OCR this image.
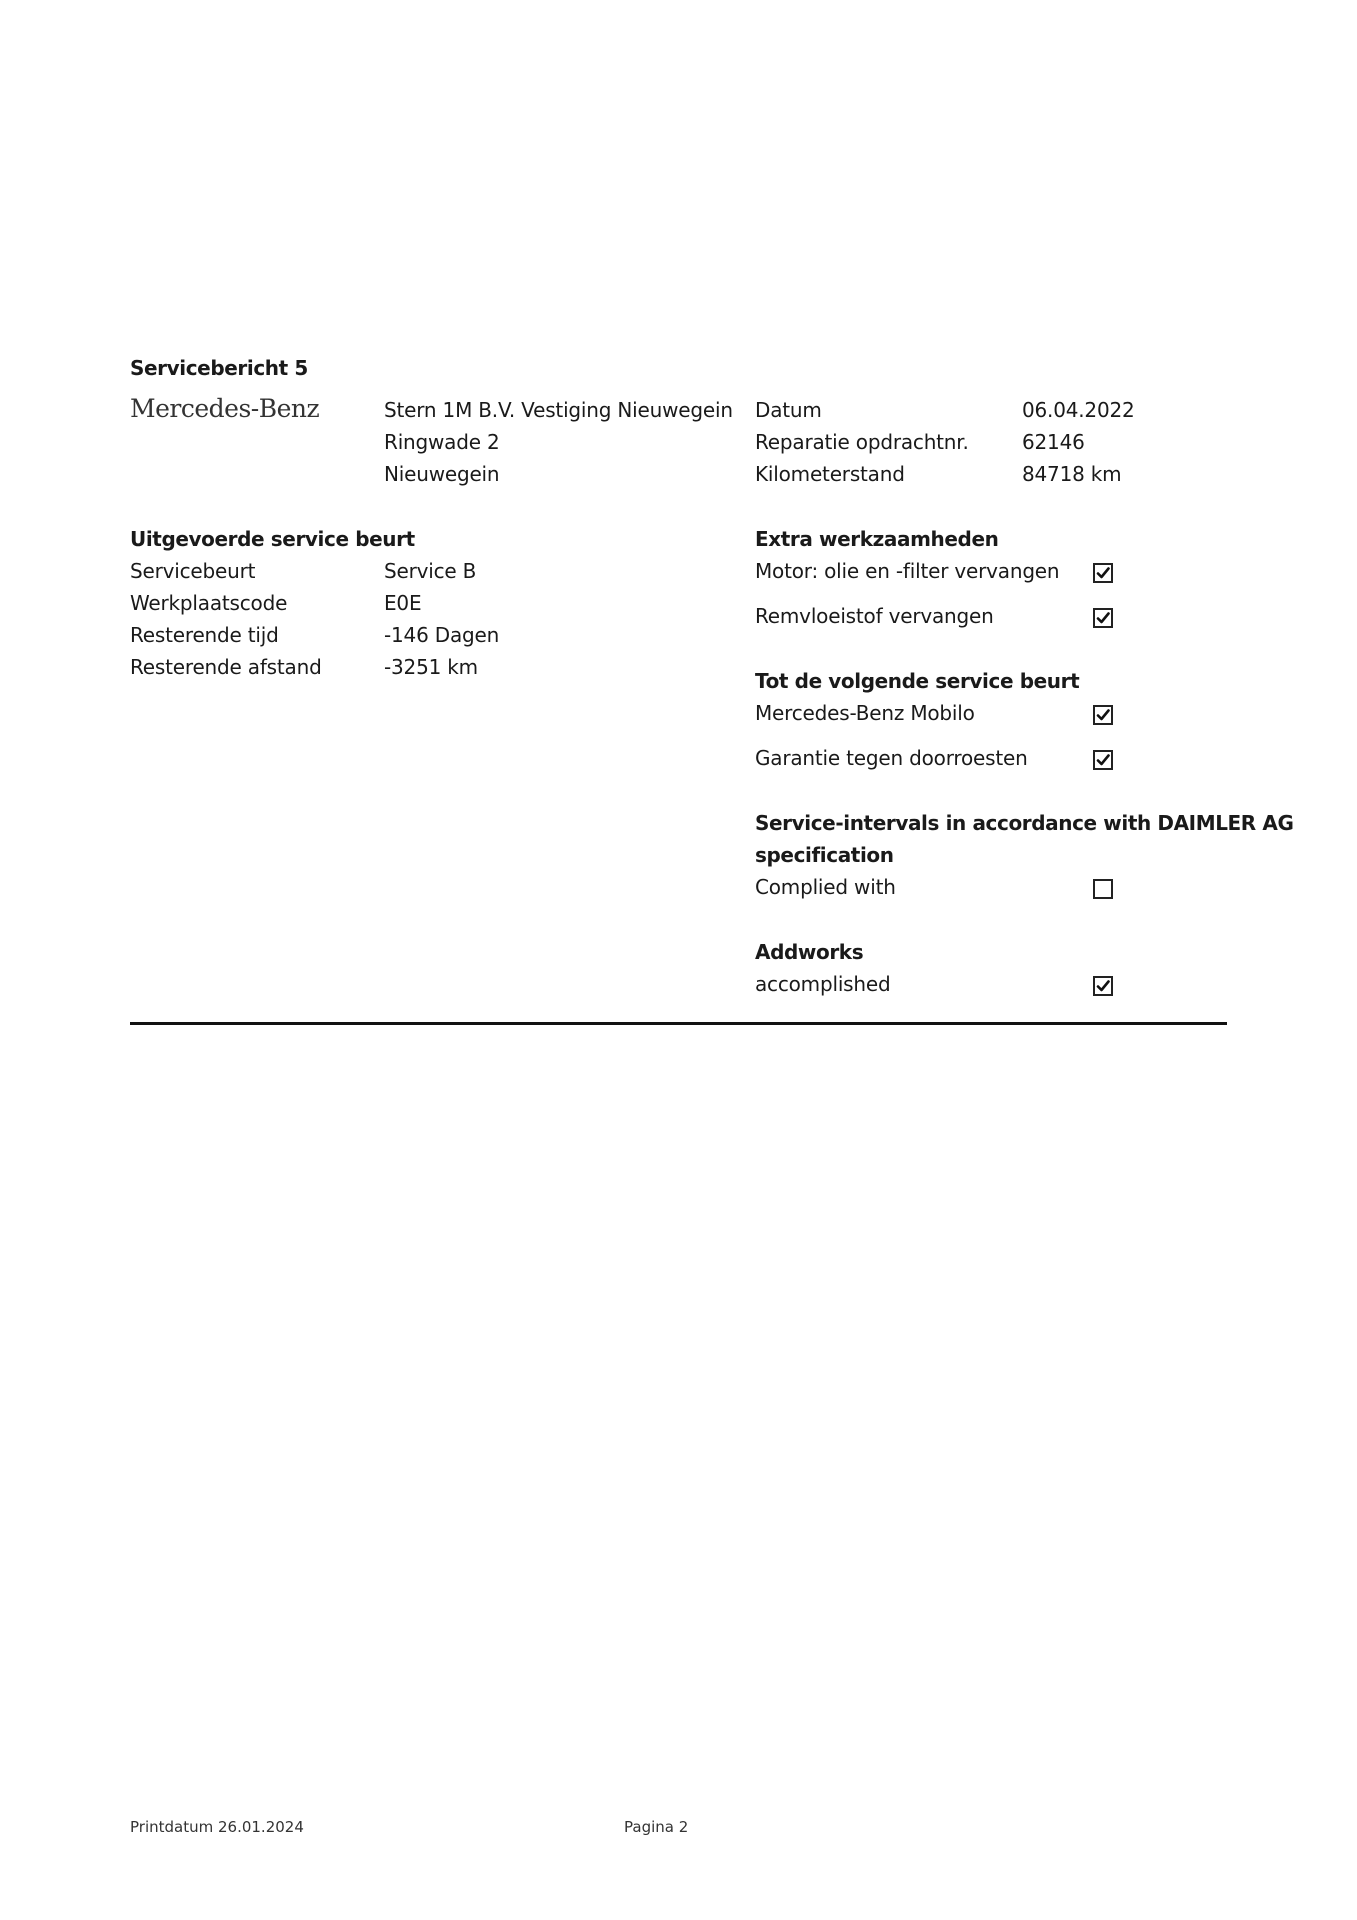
Servicebericht 5
Mercedes-Benz	Stern 1M B.V. Vestiging Nieuwegein
Ringwade 2
Nieuwegein
Datum	06.04.2022
Reparatie opdrachtnr.	62146
Kilometerstand	84718 km
Uitgevoerde service beurt
Servicebeurt	Service B
Werkplaatscode	E0E
Resterende tijd	-146 Dagen
Resterende afstand	-3251 km
Extra werkzaamheden
Motor: olie en -filter vervangen
Remvloeistof vervangen
Tot de volgende service beurt
Mercedes-Benz Mobilo
Garantie tegen doorroesten
Service-intervals in accordance with DAIMLER AG
specification
Complied with
Addworks
accomplished
Printdatum 26.01.2024	Pagina 2
